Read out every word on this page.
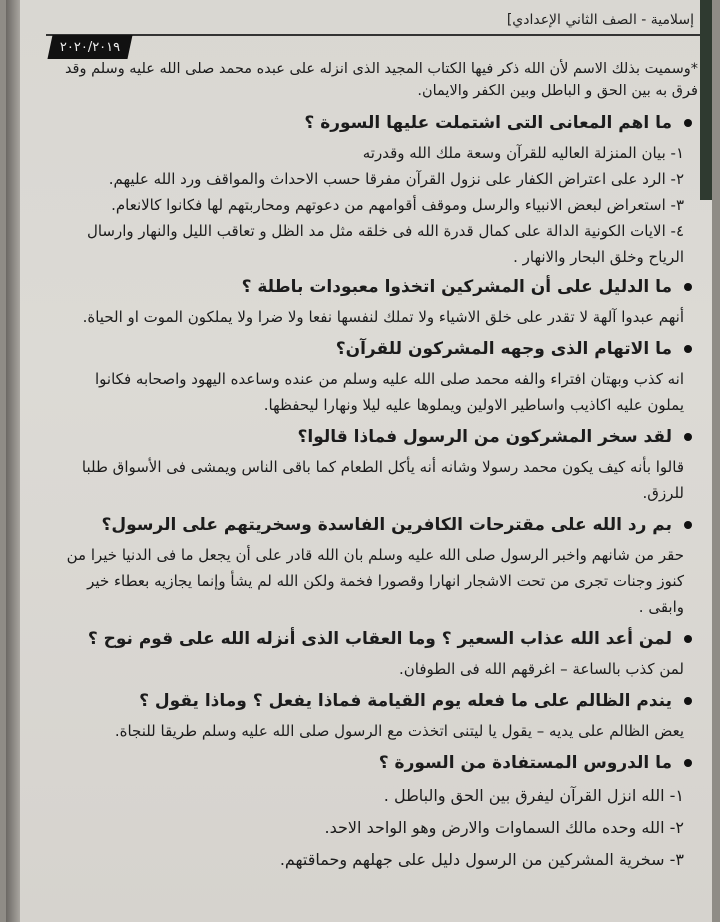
إسلامية - الصف الثاني الإعدادي]
٢٠٢٠/٢٠١٩

*وسميت بذلك الاسم لأن الله ذكر فيها الكتاب المجيد الذى انزله على عبده محمد صلى الله عليه وسلم وقد فرق به بين الحق و الباطل وبين الكفر والايمان.

ما اهم المعانى التى اشتملت عليها السورة ؟
١- بيان المنزلة العاليه للقرآن وسعة ملك الله وقدرته
٢- الرد على اعتراض الكفار على نزول القرآن مفرقا حسب الاحداث والمواقف ورد الله عليهم.
٣- استعراض لبعض الانبياء والرسل وموقف أقوامهم من دعوتهم ومحاربتهم لها فكانوا كالانعام.
٤- الايات الكونية الدالة على كمال قدرة الله فى خلقه مثل مد الظل و تعاقب الليل والنهار وارسال الرياح وخلق البحار والانهار .
ما الدليل على أن المشركين اتخذوا معبودات باطلة ؟

أنهم عبدوا آلهة لا تقدر على خلق الاشياء ولا تملك لنفسها نفعا ولا ضرا ولا يملكون الموت او الحياة.

ما الاتهام الذى وجهه المشركون للقرآن؟

انه كذب وبهتان افتراء والفه محمد صلى الله عليه وسلم من عنده وساعده اليهود واصحابه فكانوا يملون عليه اكاذيب واساطير الاولين ويملوها عليه ليلا ونهارا ليحفظها.

لقد سخر المشركون من الرسول فماذا قالوا؟

قالوا بأنه كيف يكون محمد رسولا وشانه أنه يأكل الطعام كما باقى الناس ويمشى فى الأسواق طلبا للرزق.

بم رد الله على مقترحات الكافرين الفاسدة وسخريتهم على الرسول؟

حقر من شانهم واخبر الرسول صلى الله عليه وسلم بان الله قادر على أن يجعل ما فى الدنيا خيرا من كنوز وجنات تجرى من تحت الاشجار انهارا وقصورا فخمة ولكن الله لم يشأ وإنما يجازيه بعطاء خير وابقى .

لمن أعد الله عذاب السعير ؟ وما العقاب الذى أنزله الله على قوم نوح ؟

لمن كذب بالساعة – اغرقهم الله فى الطوفان.

يندم الظالم على ما فعله يوم القيامة فماذا يفعل ؟ وماذا يقول ؟

يعض الظالم على يديه – يقول يا ليتنى اتخذت مع الرسول صلى الله عليه وسلم طريقا للنجاة.

ما الدروس المستفادة من السورة ؟
١- الله انزل القرآن ليفرق بين الحق والباطل .
٢- الله وحده مالك السماوات والارض وهو الواحد الاحد.
٣- سخرية المشركين من الرسول دليل على جهلهم وحماقتهم.
